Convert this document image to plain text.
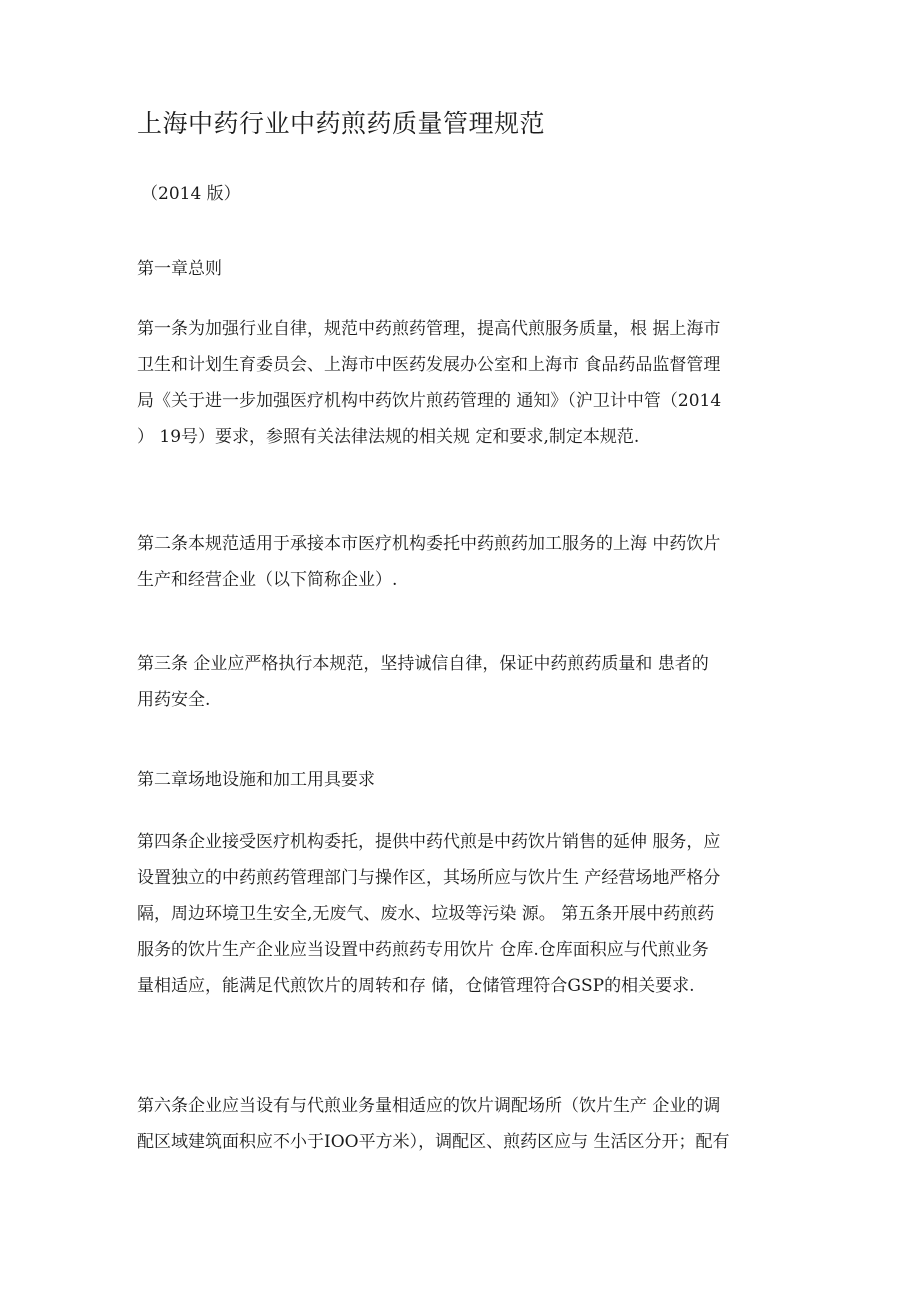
上海中药行业中药煎药质量管理规范

（2014 版）

第一章总则
第一条为加强行业自律，规范中药煎药管理，提高代煎服务质量，根 据上海市
卫生和计划生育委员会、上海市中医药发展办公室和上海市 食品药品监督管理
局《关于进一步加强医疗机构中药饮片煎药管理的 通知》（沪卫计中管（2014
） 19号）要求，参照有关法律法规的相关规 定和要求,制定本规范.
第二条本规范适用于承接本市医疗机构委托中药煎药加工服务的上海 中药饮片
生产和经营企业（以下简称企业）.
第三条 企业应严格执行本规范，坚持诚信自律，保证中药煎药质量和 患者的
用药安全.
第二章场地设施和加工用具要求
第四条企业接受医疗机构委托，提供中药代煎是中药饮片销售的延伸 服务，应
设置独立的中药煎药管理部门与操作区，其场所应与饮片生 产经营场地严格分
隔，周边环境卫生安全,无废气、废水、垃圾等污染 源。 第五条开展中药煎药
服务的饮片生产企业应当设置中药煎药专用饮片 仓库.仓库面积应与代煎业务
量相适应，能满足代煎饮片的周转和存 储，仓储管理符合GSP的相关要求.
第六条企业应当设有与代煎业务量相适应的饮片调配场所（饮片生产 企业的调
配区域建筑面积应不小于IOO平方米），调配区、煎药区应与 生活区分开；配有
